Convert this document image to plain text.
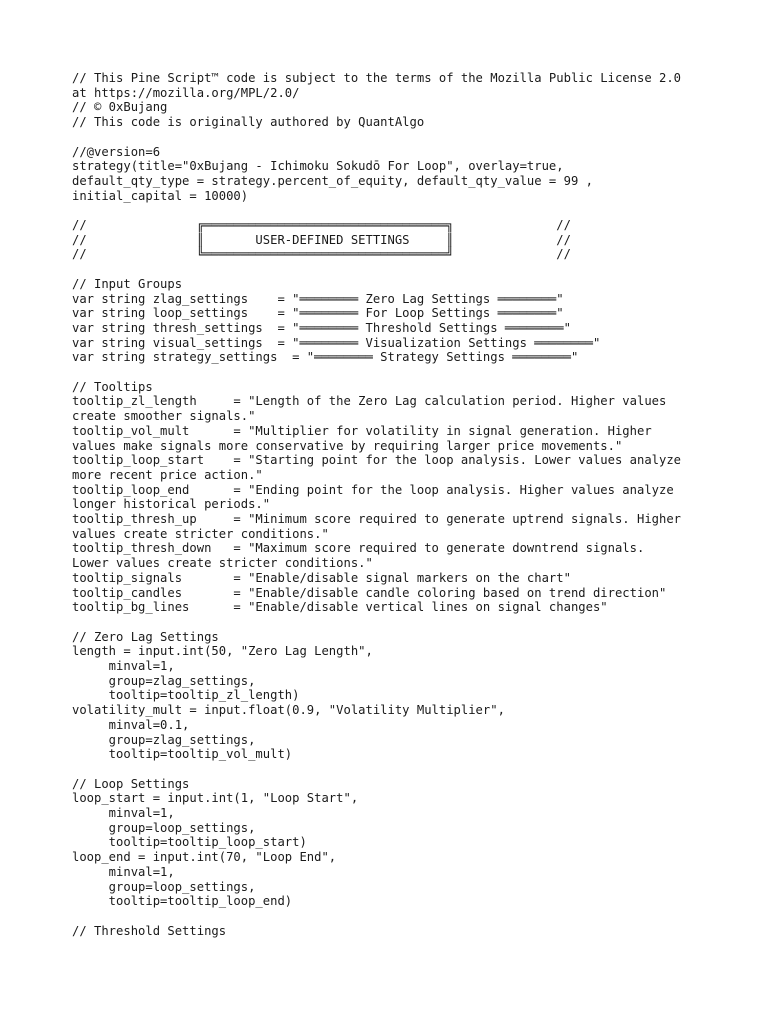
// This Pine Script™ code is subject to the terms of the Mozilla Public License 2.0
at https://mozilla.org/MPL/2.0/
// © 0xBujang
// This code is originally authored by QuantAlgo
//@version=6
strategy(title="0xBujang - Ichimoku Sokudō For Loop", overlay=true,
default_qty_type = strategy.percent_of_equity, default_qty_value = 99 ,
initial_capital = 10000)
//               ╔═════════════════════════════════╗              //
//               ║       USER-DEFINED SETTINGS     ║              //
//               ╚═════════════════════════════════╝              //
// Input Groups
var string zlag_settings    = "════════ Zero Lag Settings ════════"
var string loop_settings    = "════════ For Loop Settings ════════"
var string thresh_settings  = "════════ Threshold Settings ════════"
var string visual_settings  = "════════ Visualization Settings ════════"
var string strategy_settings  = "════════ Strategy Settings ════════"
// Tooltips
tooltip_zl_length     = "Length of the Zero Lag calculation period. Higher values
create smoother signals."
tooltip_vol_mult      = "Multiplier for volatility in signal generation. Higher
values make signals more conservative by requiring larger price movements."
tooltip_loop_start    = "Starting point for the loop analysis. Lower values analyze
more recent price action."
tooltip_loop_end      = "Ending point for the loop analysis. Higher values analyze
longer historical periods."
tooltip_thresh_up     = "Minimum score required to generate uptrend signals. Higher
values create stricter conditions."
tooltip_thresh_down   = "Maximum score required to generate downtrend signals.
Lower values create stricter conditions."
tooltip_signals       = "Enable/disable signal markers on the chart"
tooltip_candles       = "Enable/disable candle coloring based on trend direction"
tooltip_bg_lines      = "Enable/disable vertical lines on signal changes"
// Zero Lag Settings
length = input.int(50, "Zero Lag Length",
minval=1,
group=zlag_settings,
tooltip=tooltip_zl_length)
volatility_mult = input.float(0.9, "Volatility Multiplier",
minval=0.1,
group=zlag_settings,
tooltip=tooltip_vol_mult)
// Loop Settings
loop_start = input.int(1, "Loop Start",
minval=1,
group=loop_settings,
tooltip=tooltip_loop_start)
loop_end = input.int(70, "Loop End",
minval=1,
group=loop_settings,
tooltip=tooltip_loop_end)
// Threshold Settings
